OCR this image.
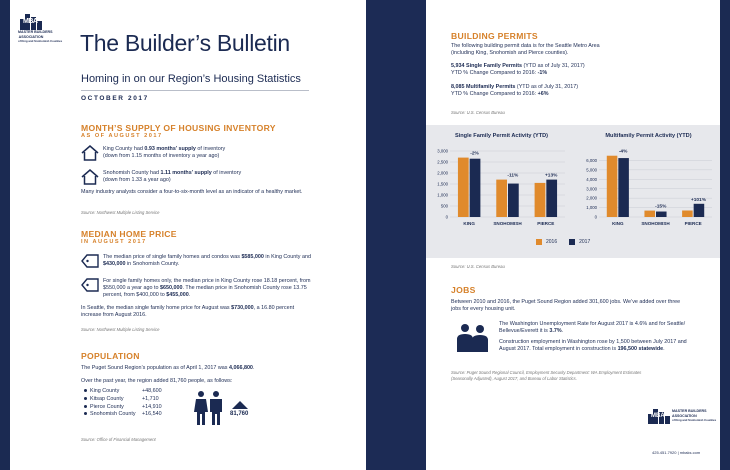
MBA
MASTER BUILDERS
ASSOCIATION
of King and Snohomish Counties The Builder’s Bulletin
Homing in on our Region’s Housing Statistics
OCTOBER 2017
MONTH’S SUPPLY OF HOUSING INVENTORY
AS OF AUGUST 2017
King County had 0.93 months’ supply of inventory
(down from 1.15 months of inventory a year ago)
Snohomish County had 1.11 months’ supply of inventory
(down from 1.33 a year ago)
Many industry analysts consider a four-to-six-month level as an indicator of a healthy market.
Source: Northwest Multiple Listing Service
MEDIAN HOME PRICE
IN AUGUST 2017
The median price of single family homes and condos was $585,000 in King County and
$430,000 in Snohomish County.
For single family homes only, the median price in King County rose 18.18 percent, from
$550,000 a year ago to $650,000. The median price in Snohomish County rose 13.75
percent, from $400,000 to $455,000.
In Seattle, the median single family home price for August was $730,000, a 16.80 percent
increase from August 2016.
Source: Northwest Multiple Listing Service
POPULATION
The Puget Sound Region’s population as of April 1, 2017 was 4,066,800.
Over the past year, the region added 81,760 people, as follows:
King County	+48,600
Kitsap County	+1,710
Pierce County	+14,910
Snohomish County	+16,540	81,760
Source: Office of Financial Management
BUILDING PERMITS
The following building permit data is for the Seattle Metro Area
(including King, Snohomish and Pierce counties).
5,934 Single Family Permits (YTD as of July 31, 2017)
YTD % Change Compared to 2016: -1%
8,085 Multifamily Permits (YTD as of July 31, 2017)
YTD % Change Compared to 2016: +6%
Source: U.S. Census Bureau
Single Family Permit Activity (YTD)
0
500
1,000
1,500
2,000
2,500
3,000
-2%
KING
-11%
SNOHOMISH
+13%
PIERCE
Multifamily Permit Activity (YTD)
0
1,000
2,000
3,000
4,000
5,000
6,000
-4%
KING
-15%
SNOHOMISH
+101%
PIERCE
2016	2017
Source: U.S. Census Bureau
JOBS
Between 2010 and 2016, the Puget Sound Region added 301,600 jobs. We’ve added over three
jobs for every housing unit.
The Washington Unemployment Rate for August 2017 is 4.6% and for Seattle/
Bellevue/Everett it is 3.7%.
Construction employment in Washington rose by 1,500 between July 2017 and
August 2017. Total employment in construction is 196,500 statewide.
Source: Puget Sound Regional Council, Employment Security Department: WA Employment Estimates
(Seasonally Adjusted), August 2017, and Bureau of Labor Statistics.
MBA
MASTER BUILDERS
ASSOCIATION
of King and Snohomish Counties
425.451.7920 | mbaks.com
